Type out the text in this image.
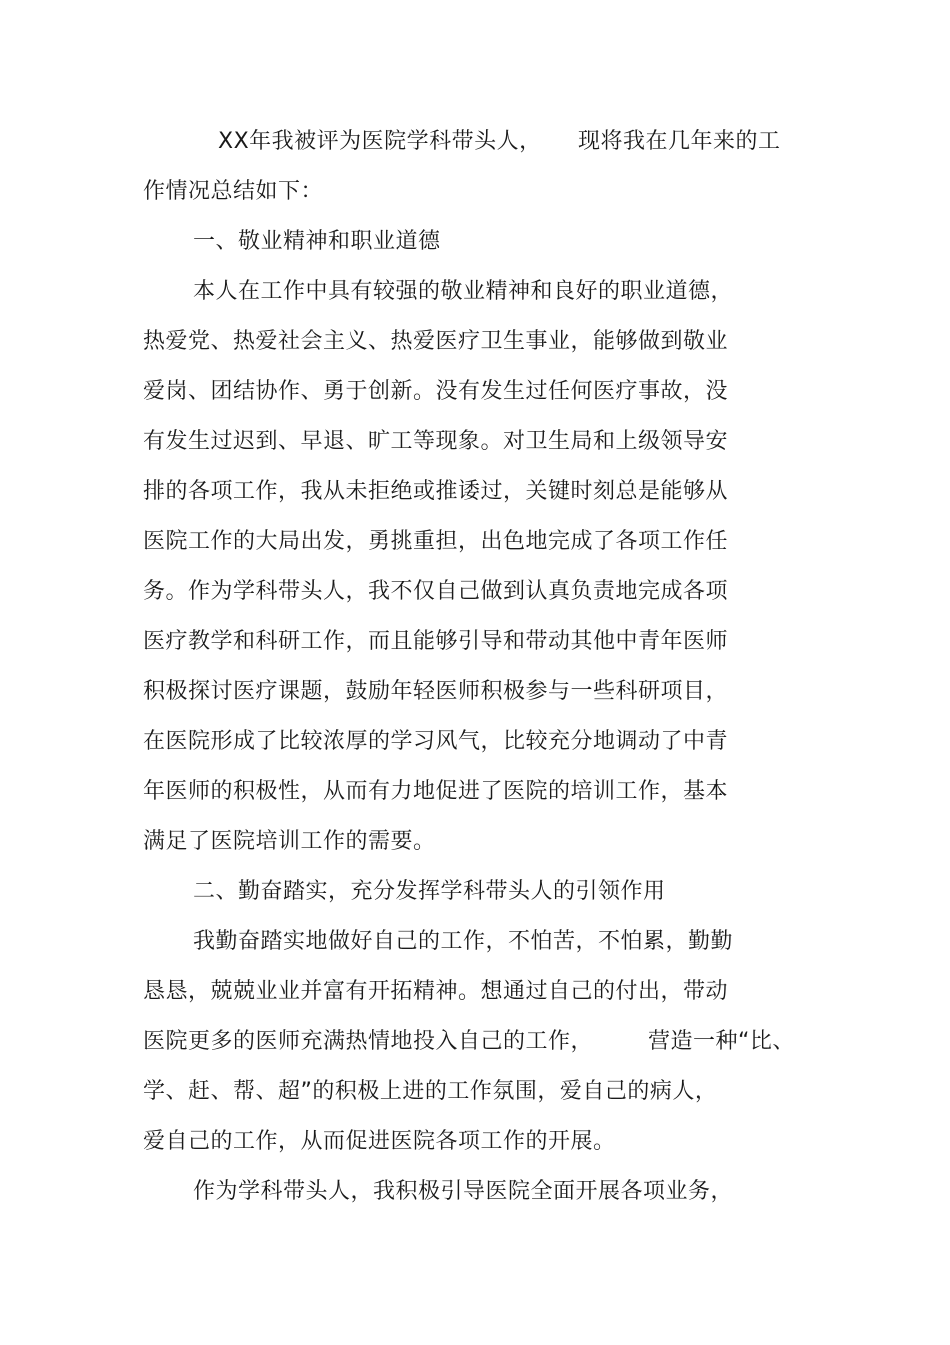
XX年我被评为医院学科带头人， 现将我在几年来的工
作情况总结如下：
一、敬业精神和职业道德
本人在工作中具有较强的敬业精神和良好的职业道德，
热爱党、热爱社会主义、热爱医疗卫生事业，能够做到敬业
爱岗、团结协作、勇于创新。没有发生过任何医疗事故，没
有发生过迟到、早退、旷工等现象。对卫生局和上级领导安
排的各项工作，我从未拒绝或推诿过，关键时刻总是能够从
医院工作的大局出发，勇挑重担，出色地完成了各项工作任
务。作为学科带头人，我不仅自己做到认真负责地完成各项
医疗教学和科研工作，而且能够引导和带动其他中青年医师
积极探讨医疗课题，鼓励年轻医师积极参与一些科研项目，
在医院形成了比较浓厚的学习风气，比较充分地调动了中青
年医师的积极性，从而有力地促进了医院的培训工作，基本
满足了医院培训工作的需要。
二、勤奋踏实，充分发挥学科带头人的引领作用
我勤奋踏实地做好自己的工作，不怕苦，不怕累，勤勤
恳恳，兢兢业业并富有开拓精神。想通过自己的付出，带动
医院更多的医师充满热情地投入自己的工作， 营造一种“比、
学、赶、帮、超”的积极上进的工作氛围，爱自己的病人，
爱自己的工作，从而促进医院各项工作的开展。
作为学科带头人，我积极引导医院全面开展各项业务，
